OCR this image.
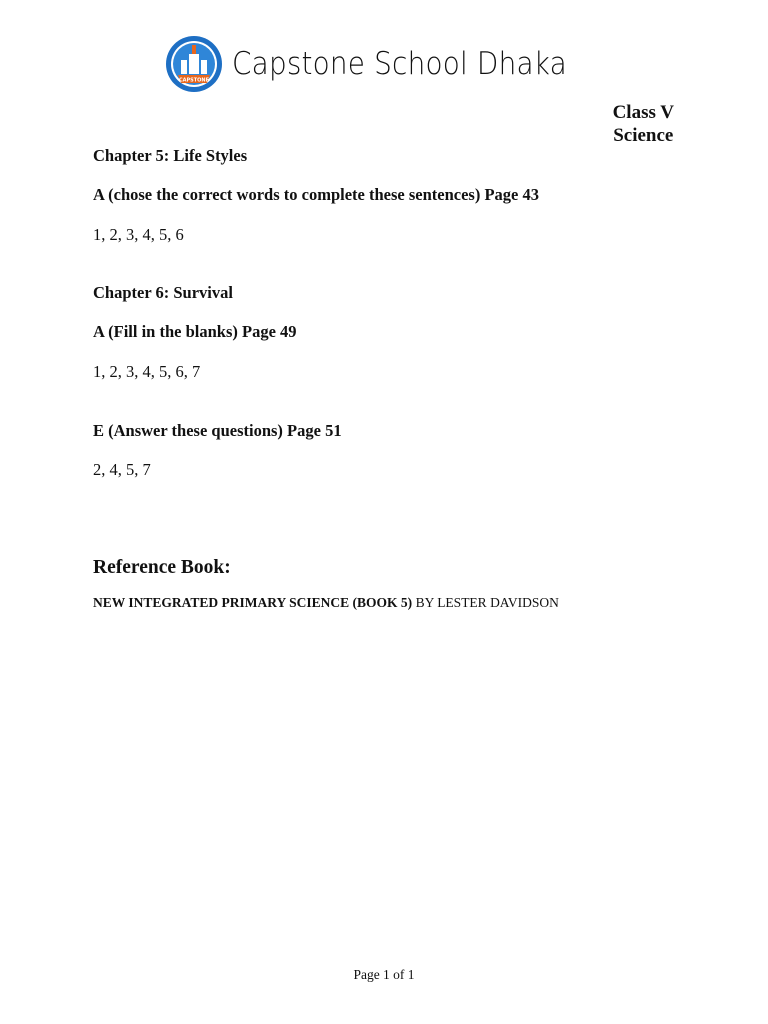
CAPSTONE Capstone School Dhaka
Class V
Science
Chapter 5: Life Styles
A (chose the correct words to complete these sentences) Page 43
1, 2, 3, 4, 5, 6
Chapter 6: Survival
A (Fill in the blanks) Page 49
1, 2, 3, 4, 5, 6, 7
E (Answer these questions) Page 51
2, 4, 5, 7
Reference Book:
NEW INTEGRATED PRIMARY SCIENCE (BOOK 5) BY LESTER DAVIDSON
Page 1 of 1
